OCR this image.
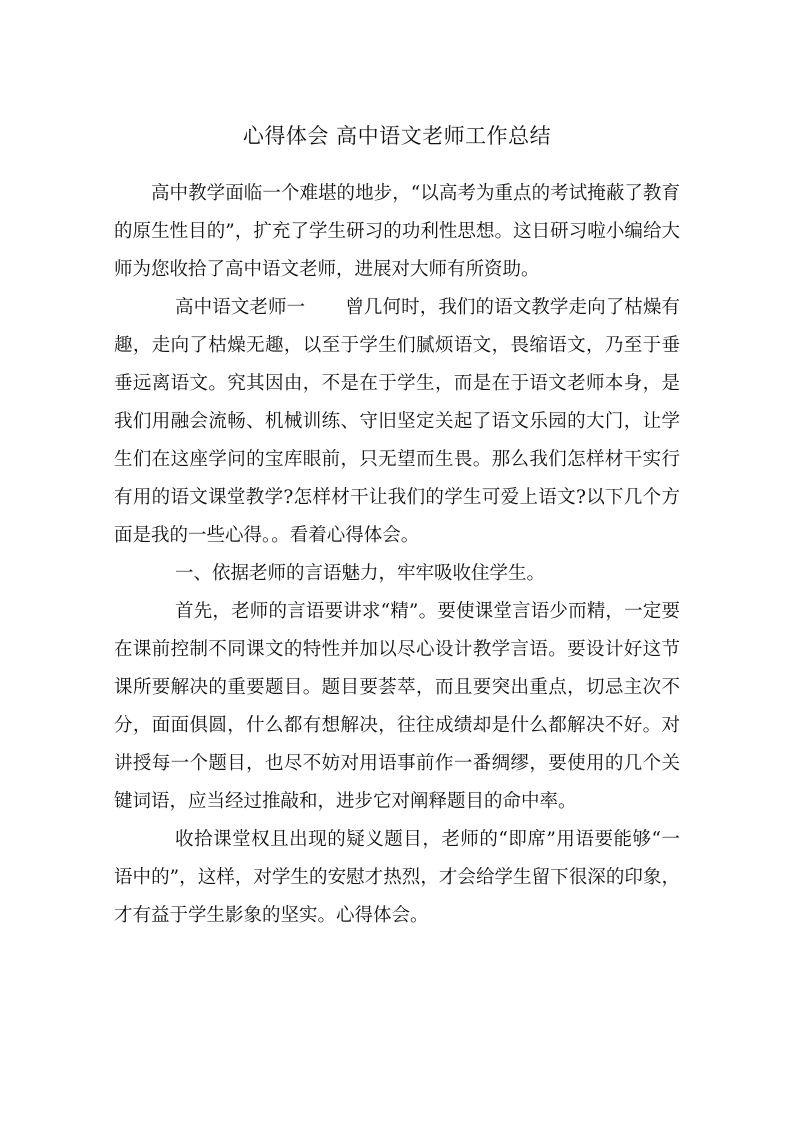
心得体会 高中语文老师工作总结

高中教学面临一个难堪的地步，“以高考为重点的考试掩蔽了教育的原生性目的”，扩充了学生研习的功利性思想。这日研习啦小编给大师为您收拾了高中语文老师，进展对大师有所资助。

高中语文老师一 曾几何时，我们的语文教学走向了枯燥有趣，走向了枯燥无趣，以至于学生们腻烦语文，畏缩语文，乃至于垂垂远离语文。究其因由，不是在于学生，而是在于语文老师本身，是我们用融会流畅、机械训练、守旧坚定关起了语文乐园的大门，让学生们在这座学问的宝库眼前，只无望而生畏。那么我们怎样材干实行有用的语文课堂教学?怎样材干让我们的学生可爱上语文?以下几个方面是我的一些心得。。看着心得体会。

一、依据老师的言语魅力，牢牢吸收住学生。

首先，老师的言语要讲求“精”。要使课堂言语少而精，一定要在课前控制不同课文的特性并加以尽心设计教学言语。要设计好这节课所要解决的重要题目。题目要荟萃，而且要突出重点，切忌主次不分，面面俱圆，什么都有想解决，往往成绩却是什么都解决不好。对讲授每一个题目，也尽不妨对用语事前作一番绸缪，要使用的几个关键词语，应当经过推敲和，进步它对阐释题目的命中率。

收拾课堂权且出现的疑义题目，老师的“即席”用语要能够“一语中的”，这样，对学生的安慰才热烈，才会给学生留下很深的印象，才有益于学生影象的坚实。心得体会。
